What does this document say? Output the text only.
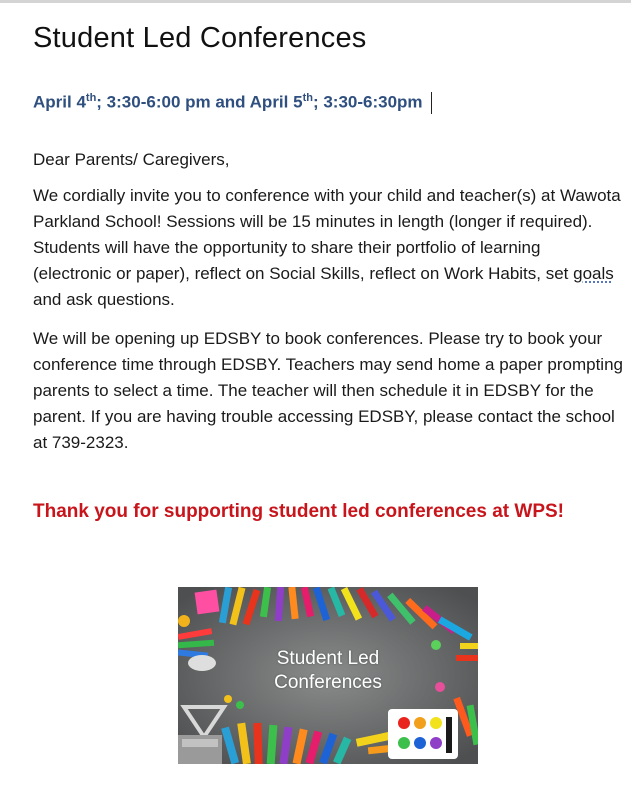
Student Led Conferences
April 4th; 3:30-6:00 pm and April 5th; 3:30-6:30pm
Dear Parents/ Caregivers,
We cordially invite you to conference with your child and teacher(s) at Wawota Parkland School! Sessions will be 15 minutes in length (longer if required). Students will have the opportunity to share their portfolio of learning (electronic or paper), reflect on Social Skills, reflect on Work Habits, set goals and ask questions.
We will be opening up EDSBY to book conferences. Please try to book your conference time through EDSBY. Teachers may send home a paper prompting parents to select a time. The teacher will then schedule it in EDSBY for the parent. If you are having trouble accessing EDSBY, please contact the school at 739-2323.
Thank you for supporting student led conferences at WPS!
Student Led
Conferences
